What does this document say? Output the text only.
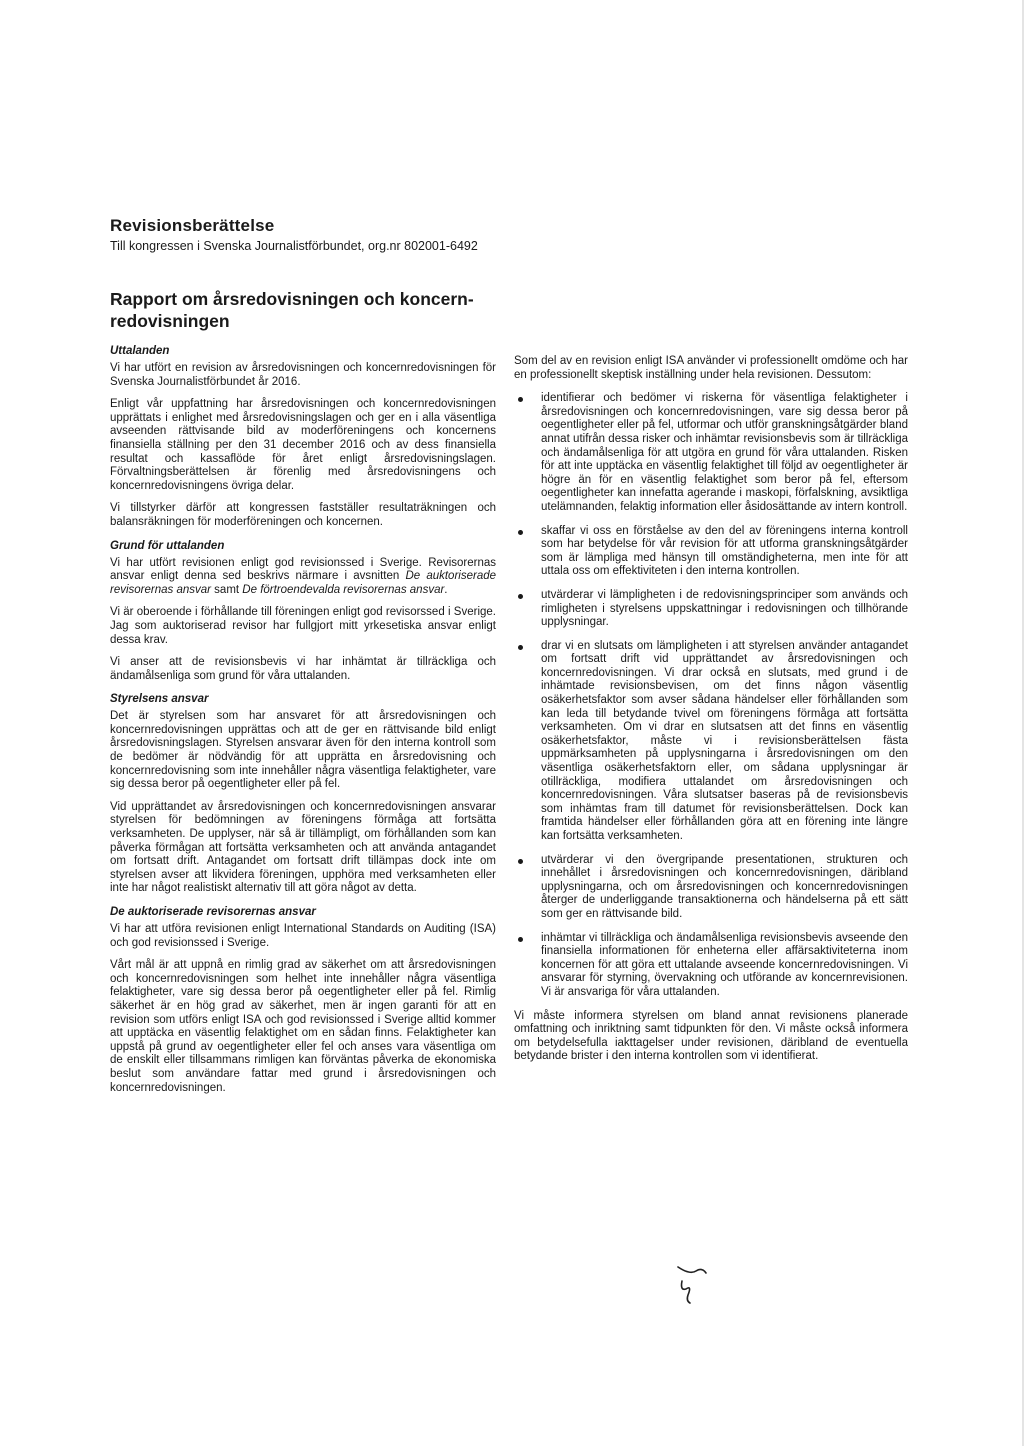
Revisionsberättelse
Till kongressen i Svenska Journalistförbundet, org.nr 802001-6492
Rapport om årsredovisningen och koncernredovisningen
Uttalanden

Vi har utfört en revision av årsredovisningen och koncernredovisningen för Svenska Journalistförbundet år 2016.

Enligt vår uppfattning har årsredovisningen och koncernredovisningen upprättats i enlighet med årsredovisningslagen och ger en i alla väsentliga avseenden rättvisande bild av moderföreningens och koncernens finansiella ställning per den 31 december 2016 och av dess finansiella resultat och kassaflöde för året enligt årsredovisningslagen. Förvaltningsberättelsen är förenlig med årsredovisningens och koncernredovisningens övriga delar.

Vi tillstyrker därför att kongressen fastställer resultaträkningen och balansräkningen för moderföreningen och koncernen.

Grund för uttalanden

Vi har utfört revisionen enligt god revisionssed i Sverige. Revisorernas ansvar enligt denna sed beskrivs närmare i avsnitten De auktoriserade revisorernas ansvar samt De förtroendevalda revisorernas ansvar.

Vi är oberoende i förhållande till föreningen enligt god revisorssed i Sverige. Jag som auktoriserad revisor har fullgjort mitt yrkesetiska ansvar enligt dessa krav.

Vi anser att de revisionsbevis vi har inhämtat är tillräckliga och ändamålsenliga som grund för våra uttalanden.

Styrelsens ansvar

Det är styrelsen som har ansvaret för att årsredovisningen och koncernredovisningen upprättas och att de ger en rättvisande bild enligt årsredovisningslagen. Styrelsen ansvarar även för den interna kontroll som de bedömer är nödvändig för att upprätta en årsredovisning och koncernredovisning som inte innehåller några väsentliga felaktigheter, vare sig dessa beror på oegentligheter eller på fel.

Vid upprättandet av årsredovisningen och koncernredovisningen ansvarar styrelsen för bedömningen av föreningens förmåga att fortsätta verksamheten. De upplyser, när så är tillämpligt, om förhållanden som kan påverka förmågan att fortsätta verksamheten och att använda antagandet om fortsatt drift. Antagandet om fortsatt drift tillämpas dock inte om styrelsen avser att likvidera föreningen, upphöra med verksamheten eller inte har något realistiskt alternativ till att göra något av detta.

De auktoriserade revisorernas ansvar

Vi har att utföra revisionen enligt International Standards on Auditing (ISA) och god revisionssed i Sverige.

Vårt mål är att uppnå en rimlig grad av säkerhet om att årsredovisningen och koncernredovisningen som helhet inte innehåller några väsentliga felaktigheter, vare sig dessa beror på oegentligheter eller på fel. Rimlig säkerhet är en hög grad av säkerhet, men är ingen garanti för att en revision som utförs enligt ISA och god revisionssed i Sverige alltid kommer att upptäcka en väsentlig felaktighet om en sådan finns. Felaktigheter kan uppstå på grund av oegentligheter eller fel och anses vara väsentliga om de enskilt eller tillsammans rimligen kan förväntas påverka de ekonomiska beslut som användare fattar med grund i årsredovisningen och koncernredovisningen.

Som del av en revision enligt ISA använder vi professionellt omdöme och har en professionellt skeptisk inställning under hela revisionen. Dessutom:

identifierar och bedömer vi riskerna för väsentliga felaktigheter i årsredovisningen och koncernredovisningen, vare sig dessa beror på oegentligheter eller på fel, utformar och utför granskningsåtgärder bland annat utifrån dessa risker och inhämtar revisionsbevis som är tillräckliga och ändamålsenliga för att utgöra en grund för våra uttalanden. Risken för att inte upptäcka en väsentlig felaktighet till följd av oegentligheter är högre än för en väsentlig felaktighet som beror på fel, eftersom oegentligheter kan innefatta agerande i maskopi, förfalskning, avsiktliga utelämnanden, felaktig information eller åsidosättande av intern kontroll.

skaffar vi oss en förståelse av den del av föreningens interna kontroll som har betydelse för vår revision för att utforma granskningsåtgärder som är lämpliga med hänsyn till omständigheterna, men inte för att uttala oss om effektiviteten i den interna kontrollen.

utvärderar vi lämpligheten i de redovisningsprinciper som används och rimligheten i styrelsens uppskattningar i redovisningen och tillhörande upplysningar.

drar vi en slutsats om lämpligheten i att styrelsen använder antagandet om fortsatt drift vid upprättandet av årsredovisningen och koncernredovisningen. Vi drar också en slutsats, med grund i de inhämtade revisionsbevisen, om det finns någon väsentlig osäkerhetsfaktor som avser sådana händelser eller förhållanden som kan leda till betydande tvivel om föreningens förmåga att fortsätta verksamheten. Om vi drar en slutsatsen att det finns en väsentlig osäkerhetsfaktor, måste vi i revisionsberättelsen fästa uppmärksamheten på upplysningarna i årsredovisningen om den väsentliga osäkerhetsfaktorn eller, om sådana upplysningar är otillräckliga, modifiera uttalandet om årsredovisningen och koncernredovisningen. Våra slutsatser baseras på de revisionsbevis som inhämtas fram till datumet för revisionsberättelsen. Dock kan framtida händelser eller förhållanden göra att en förening inte längre kan fortsätta verksamheten.

utvärderar vi den övergripande presentationen, strukturen och innehållet i årsredovisningen och koncernredovisningen, däribland upplysningarna, och om årsredovisningen och koncernredovisningen återger de underliggande transaktionerna och händelserna på ett sätt som ger en rättvisande bild.

inhämtar vi tillräckliga och ändamålsenliga revisionsbevis avseende den finansiella informationen för enheterna eller affärsaktiviteterna inom koncernen för att göra ett uttalande avseende koncernredovisningen. Vi ansvarar för styrning, övervakning och utförande av koncernrevisionen. Vi är ansvariga för våra uttalanden.

Vi måste informera styrelsen om bland annat revisionens planerade omfattning och inriktning samt tidpunkten för den. Vi måste också informera om betydelsefulla iakttagelser under revisionen, däribland de eventuella betydande brister i den interna kontrollen som vi identifierat.
